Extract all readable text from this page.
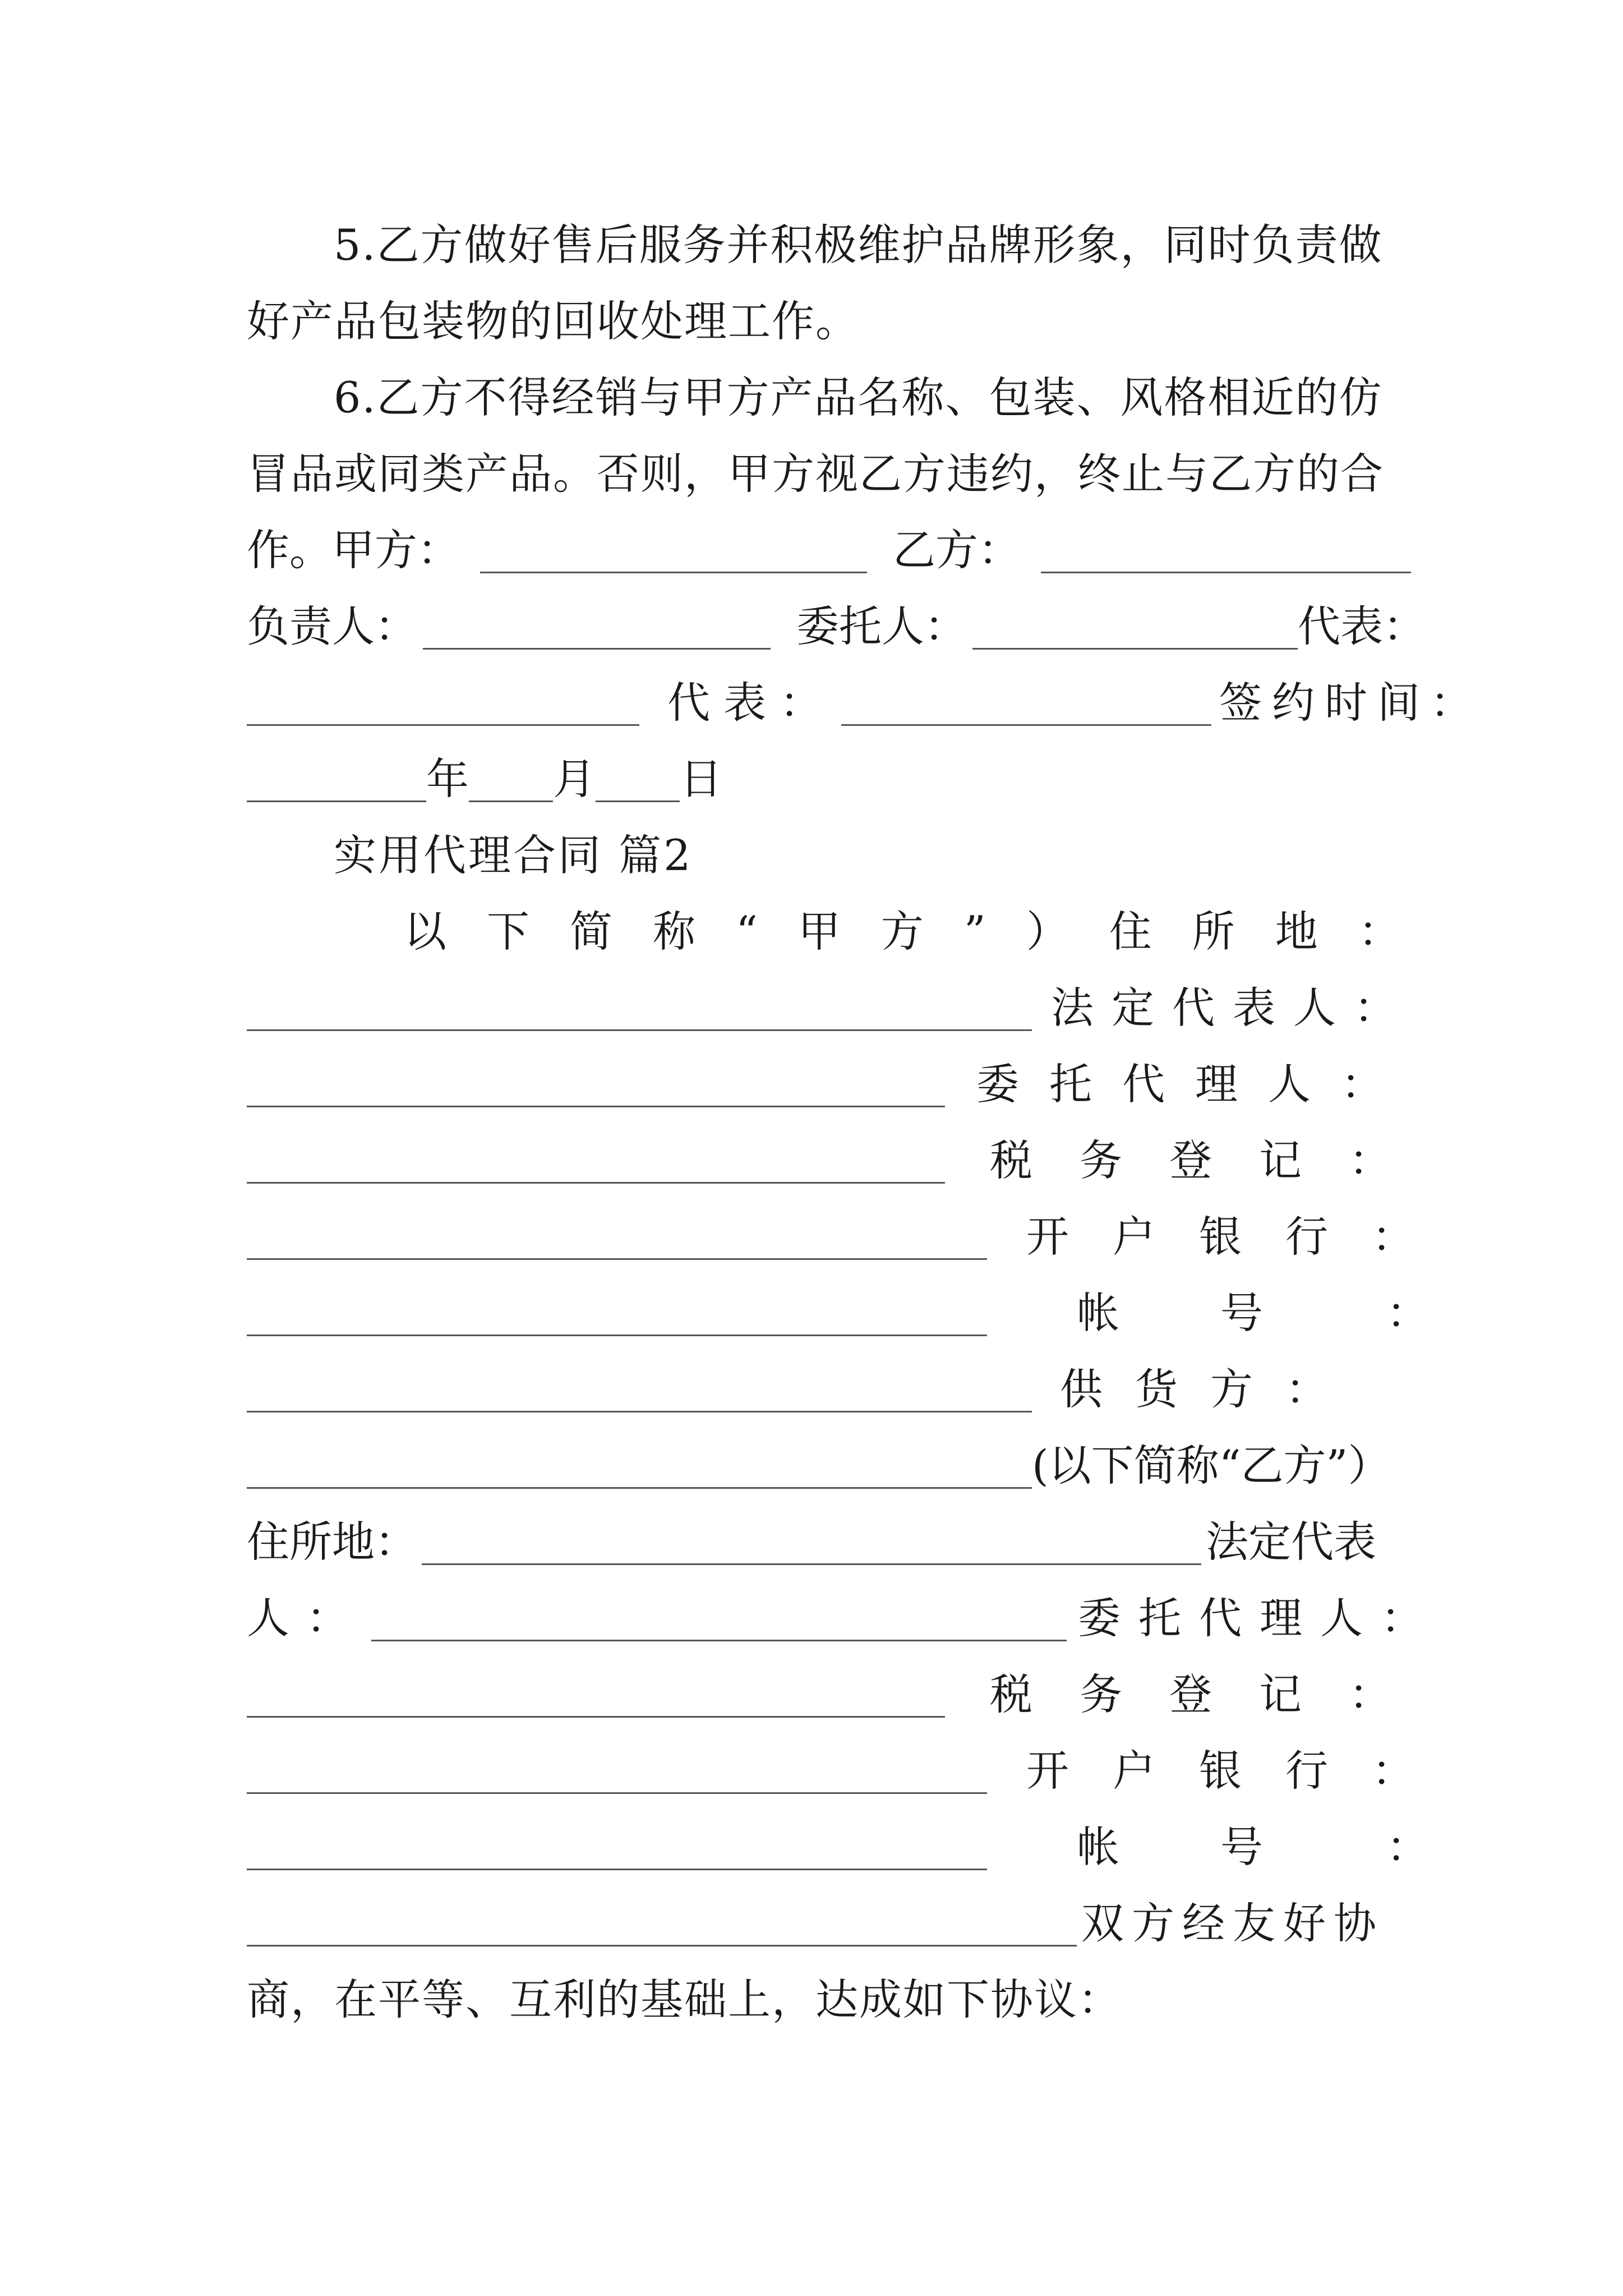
5.乙方做好售后服务并积极维护品牌形象，同时负责做
好产品包装物的回收处理工作。
6.乙方不得经销与甲方产品名称、包装、风格相近的仿
冒品或同类产品。否则，甲方视乙方违约，终止与乙方的合
作。甲方：	乙方：
负责人：	委托人：	代表：
代表：	签约时间：
年 月 日
实用代理合同 篇2
以下简称“甲方”）住所地：
法定代表人：
委托代理人：
税务登记：
开户银行：
帐号 ：
供货方：
(以下简称“乙方”）
住所地：	法定代表
人：	委托代理人：
税务登记：
开户银行：
帐号 ：
双方经友好协
商，在平等、互利的基础上，达成如下协议：
